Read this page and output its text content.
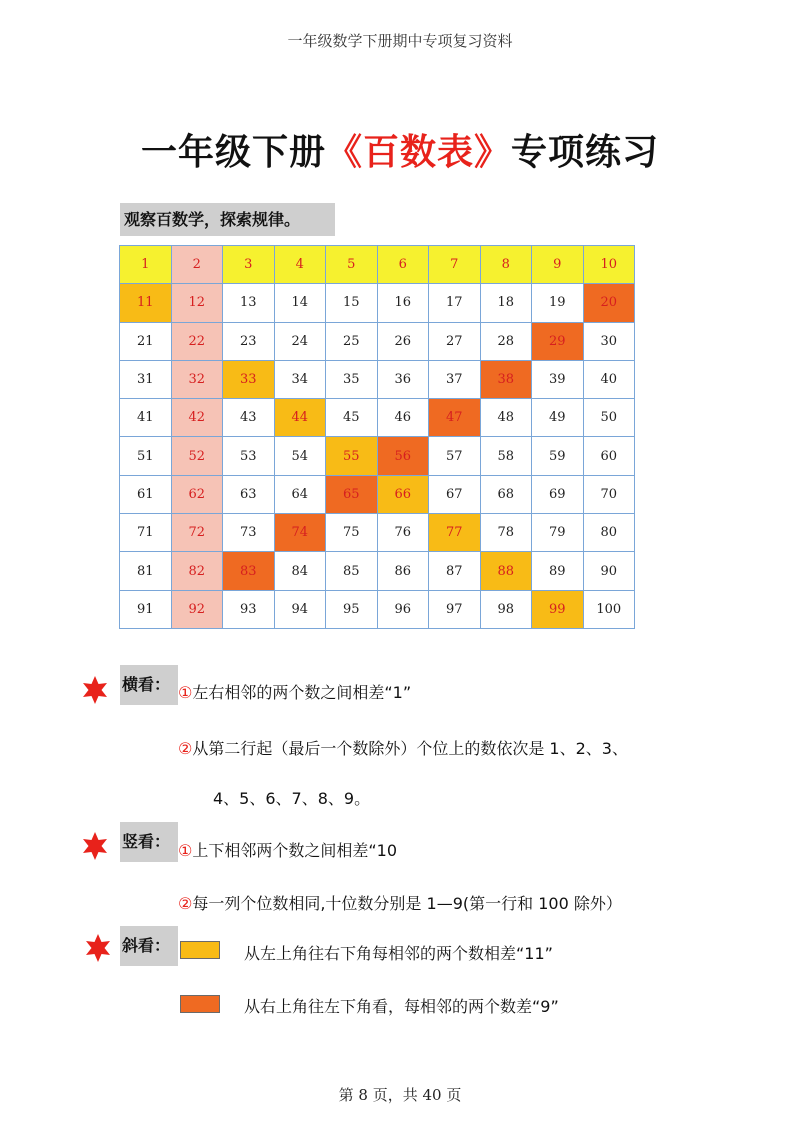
一年级数学下册期中专项复习资料
一年级下册《百数表》专项练习
观察百数学，探索规律。
1	2	3	4	5	6	7	8	9	10
11	12	13	14	15	16	17	18	19	20
21	22	23	24	25	26	27	28	29	30
31	32	33	34	35	36	37	38	39	40
41	42	43	44	45	46	47	48	49	50
51	52	53	54	55	56	57	58	59	60
61	62	63	64	65	66	67	68	69	70
71	72	73	74	75	76	77	78	79	80
81	82	83	84	85	86	87	88	89	90
91	92	93	94	95	96	97	98	99	100
横看： ①左右相邻的两个数之间相差“1”
②从第二行起（最后一个数除外）个位上的数依次是 1、2、3、
4、5、6、7、8、9。
竖看： ①上下相邻两个数之间相差“10
②每一列个位数相同,十位数分别是 1—9(第一行和 100 除外）
斜看：	从左上角往右下角每相邻的两个数相差“11”
从右上角往左下角看，每相邻的两个数差“9”
第 8 页，共 40 页
